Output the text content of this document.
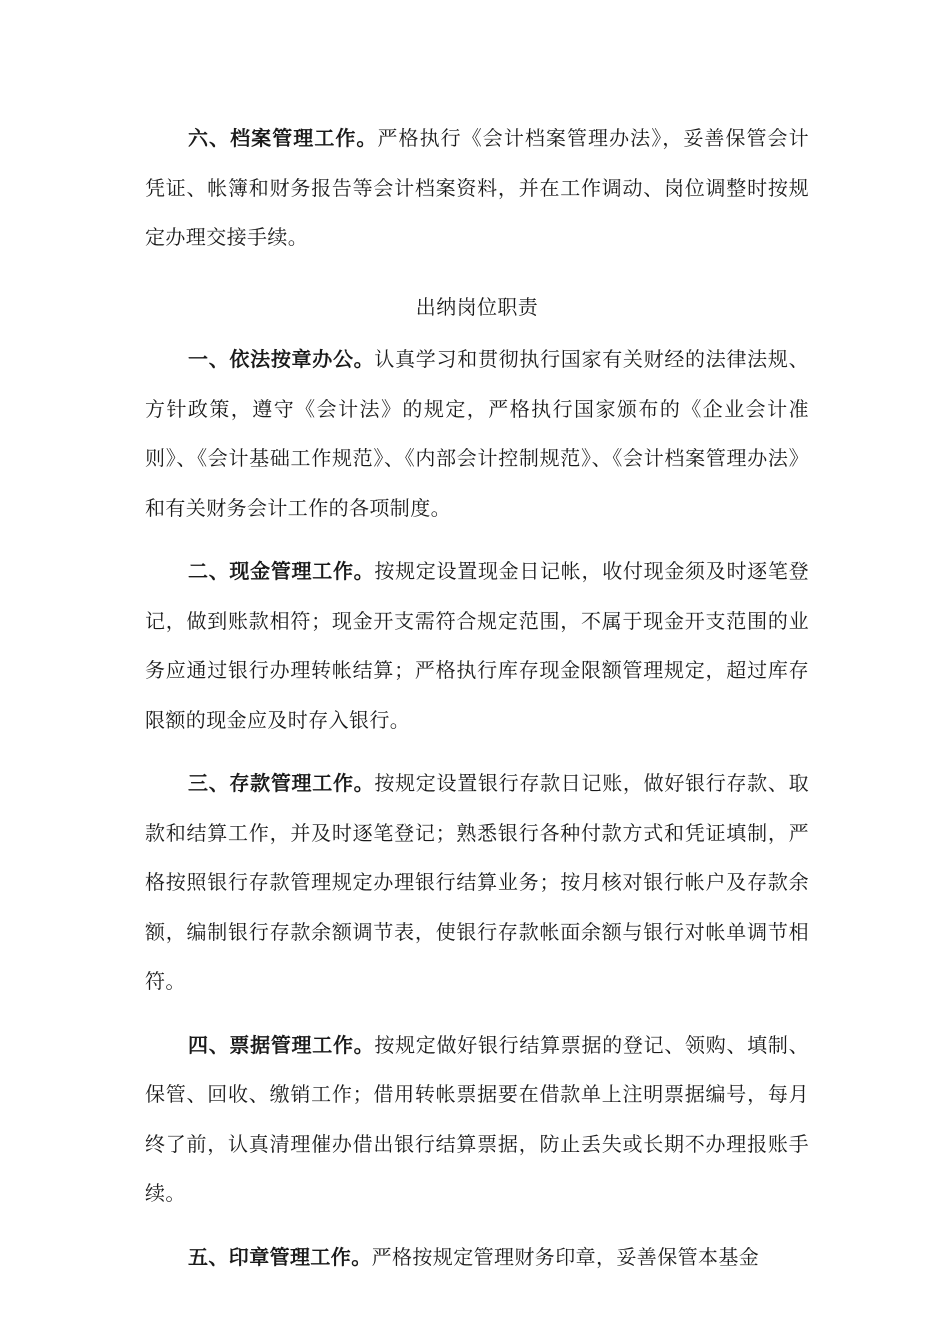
六、档案管理工作。严格执行《会计档案管理办法》，妥善保管会计凭证、帐簿和财务报告等会计档案资料，并在工作调动、岗位调整时按规定办理交接手续。

出纳岗位职责

一、依法按章办公。认真学习和贯彻执行国家有关财经的法律法规、方针政策，遵守《会计法》的规定，严格执行国家颁布的《企业会计准则》、《会计基础工作规范》、《内部会计控制规范》、《会计档案管理办法》和有关财务会计工作的各项制度。

二、现金管理工作。按规定设置现金日记帐，收付现金须及时逐笔登记，做到账款相符；现金开支需符合规定范围，不属于现金开支范围的业务应通过银行办理转帐结算；严格执行库存现金限额管理规定，超过库存限额的现金应及时存入银行。

三、存款管理工作。按规定设置银行存款日记账，做好银行存款、取款和结算工作，并及时逐笔登记；熟悉银行各种付款方式和凭证填制，严格按照银行存款管理规定办理银行结算业务；按月核对银行帐户及存款余额，编制银行存款余额调节表，使银行存款帐面余额与银行对帐单调节相符。

四、票据管理工作。按规定做好银行结算票据的登记、领购、填制、保管、回收、缴销工作；借用转帐票据要在借款单上注明票据编号，每月终了前，认真清理催办借出银行结算票据，防止丢失或长期不办理报账手续。

五、印章管理工作。严格按规定管理财务印章，妥善保管本基金
